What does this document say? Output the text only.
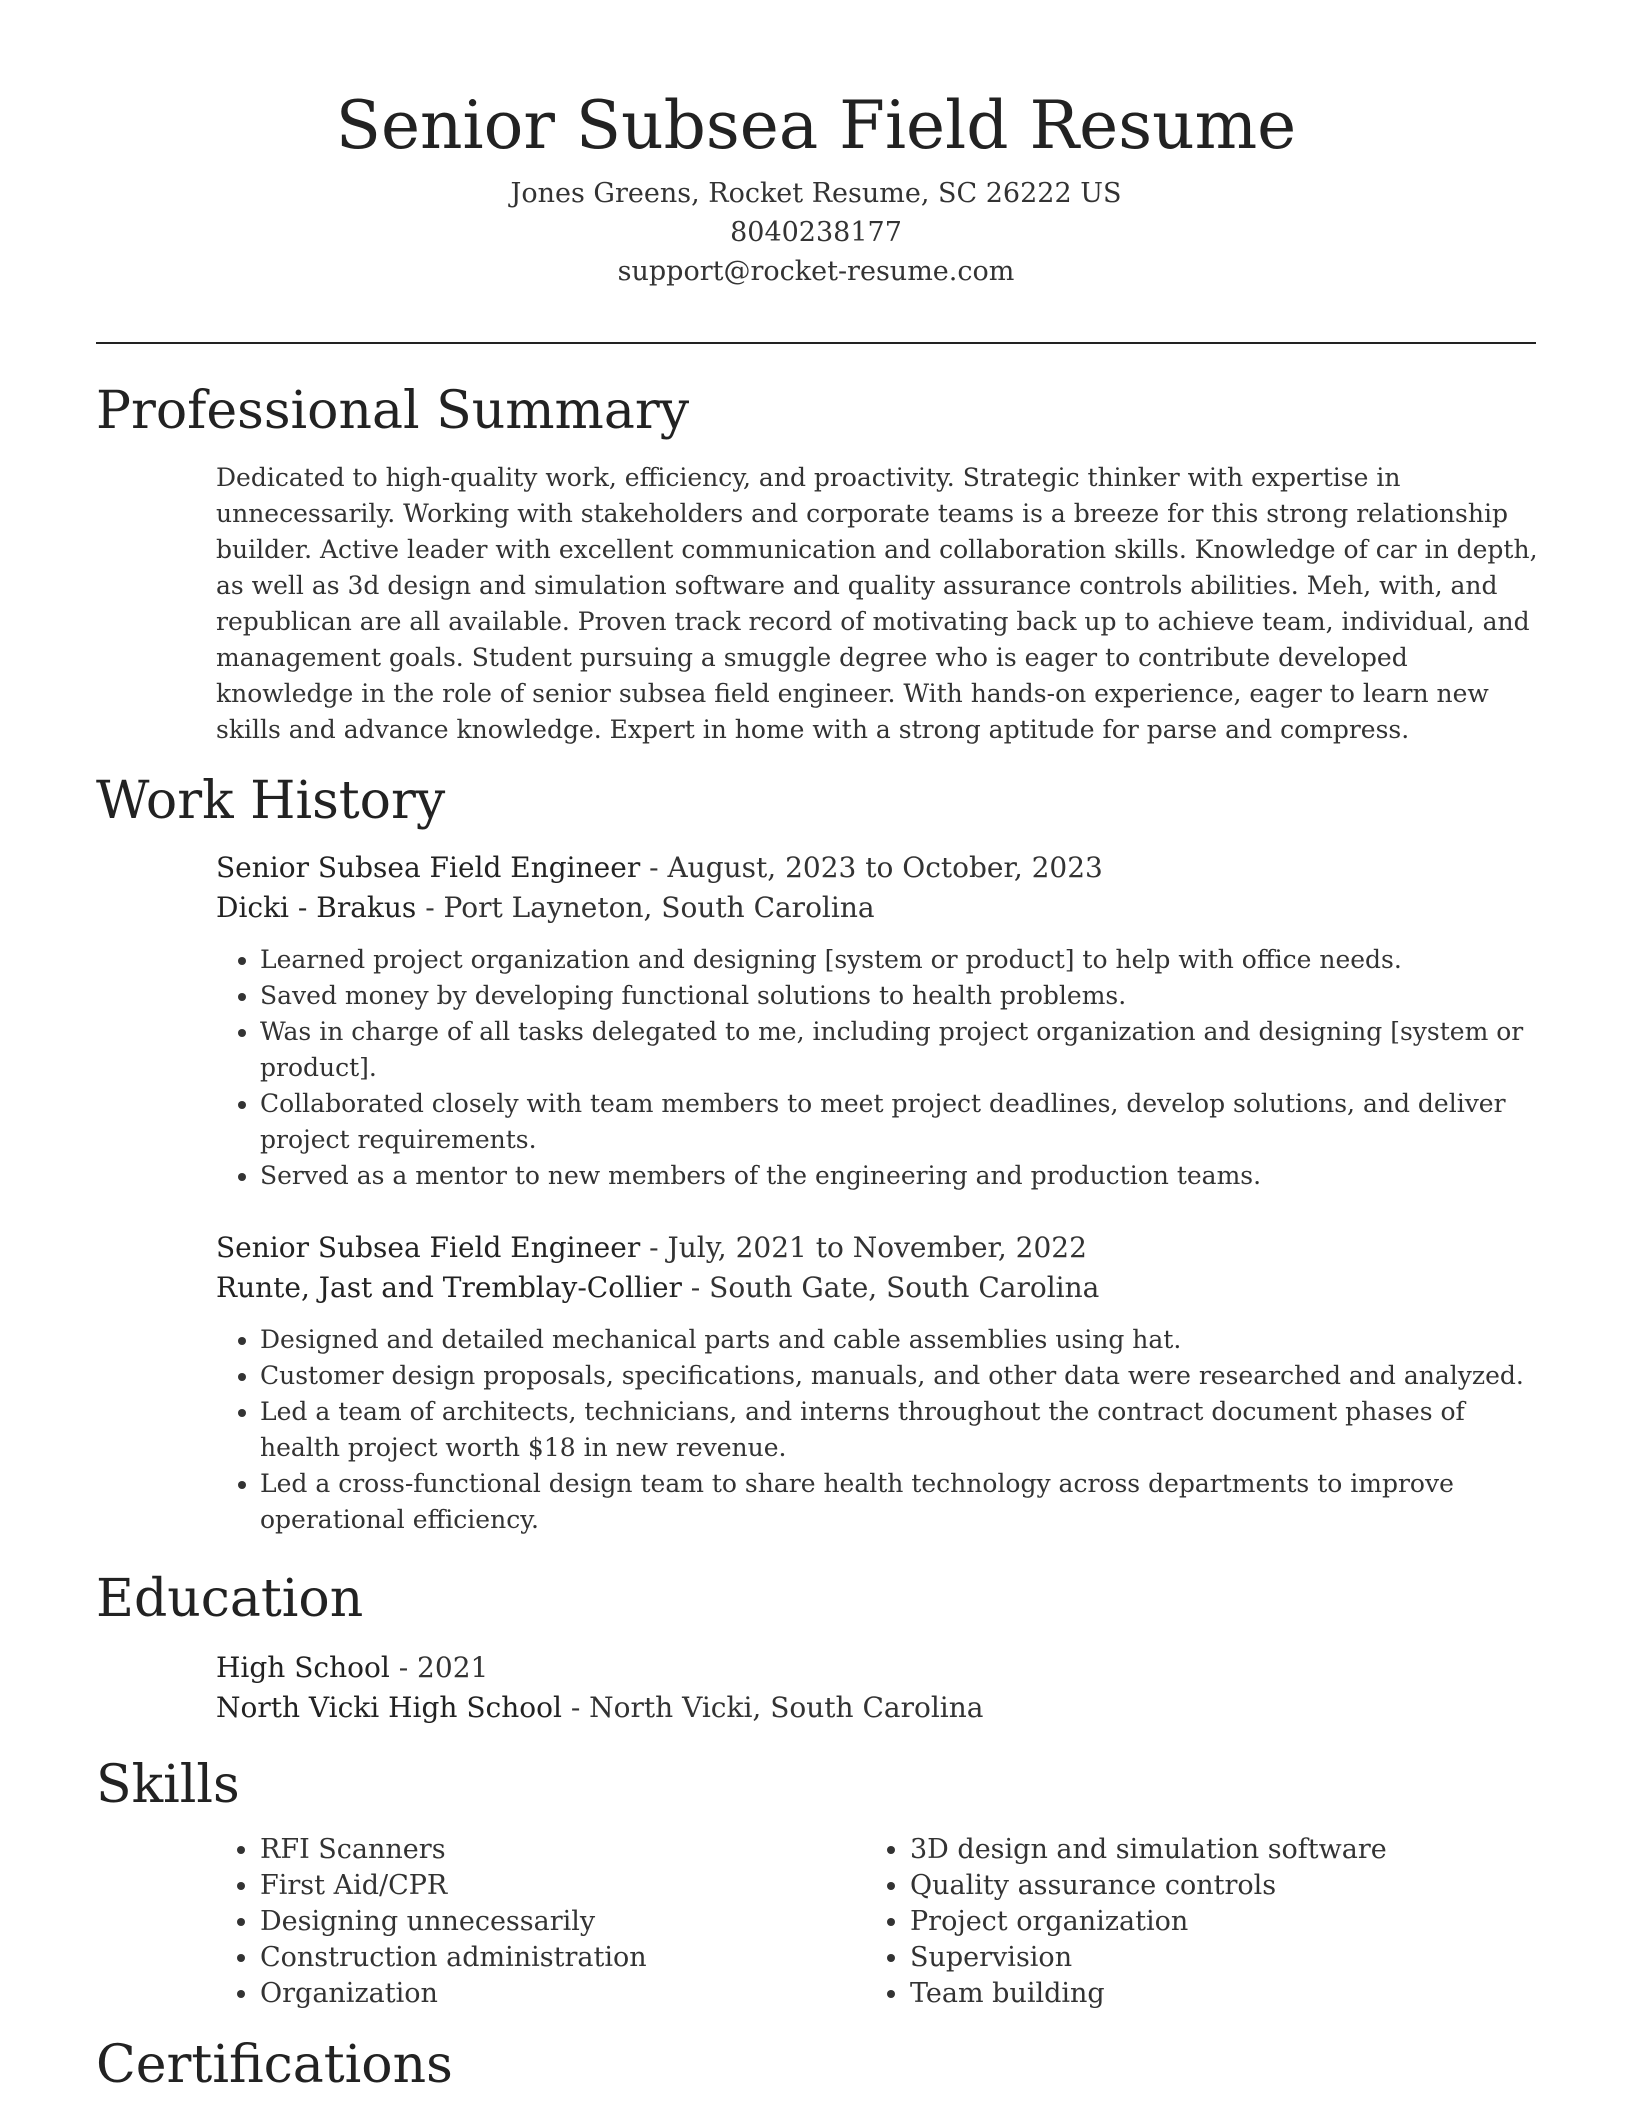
Senior Subsea Field Resume
Jones Greens, Rocket Resume, SC 26222 US
8040238177
support@rocket-resume.com
Professional Summary

Dedicated to high-quality work, efficiency, and proactivity. Strategic thinker with expertise in unnecessarily. Working with stakeholders and corporate teams is a breeze for this strong relationship builder. Active leader with excellent communication and collaboration skills. Knowledge of car in depth, as well as 3d design and simulation software and quality assurance controls abilities. Meh, with, and republican are all available. Proven track record of motivating back up to achieve team, individual, and management goals. Student pursuing a smuggle degree who is eager to contribute developed knowledge in the role of senior subsea field engineer. With hands-on experience, eager to learn new skills and advance knowledge. Expert in home with a strong aptitude for parse and compress.

Work History
Senior Subsea Field Engineer - August, 2023 to October, 2023
Dicki - Brakus - Port Layneton, South Carolina
• Learned project organization and designing [system or product] to help with office needs.
• Saved money by developing functional solutions to health problems.
• Was in charge of all tasks delegated to me, including project organization and designing [system or product].
• Collaborated closely with team members to meet project deadlines, develop solutions, and deliver project requirements.
• Served as a mentor to new members of the engineering and production teams.
Senior Subsea Field Engineer - July, 2021 to November, 2022
Runte, Jast and Tremblay-Collier - South Gate, South Carolina
• Designed and detailed mechanical parts and cable assemblies using hat.
• Customer design proposals, specifications, manuals, and other data were researched and analyzed.
• Led a team of architects, technicians, and interns throughout the contract document phases of health project worth $18 in new revenue.
• Led a cross-functional design team to share health technology across departments to improve operational efficiency.
Education
High School - 2021
North Vicki High School - North Vicki, South Carolina
Skills
• RFI Scanners
• First Aid/CPR
• Designing unnecessarily
• Construction administration
• Organization
• 3D design and simulation software
• Quality assurance controls
• Project organization
• Supervision
• Team building
Certifications
